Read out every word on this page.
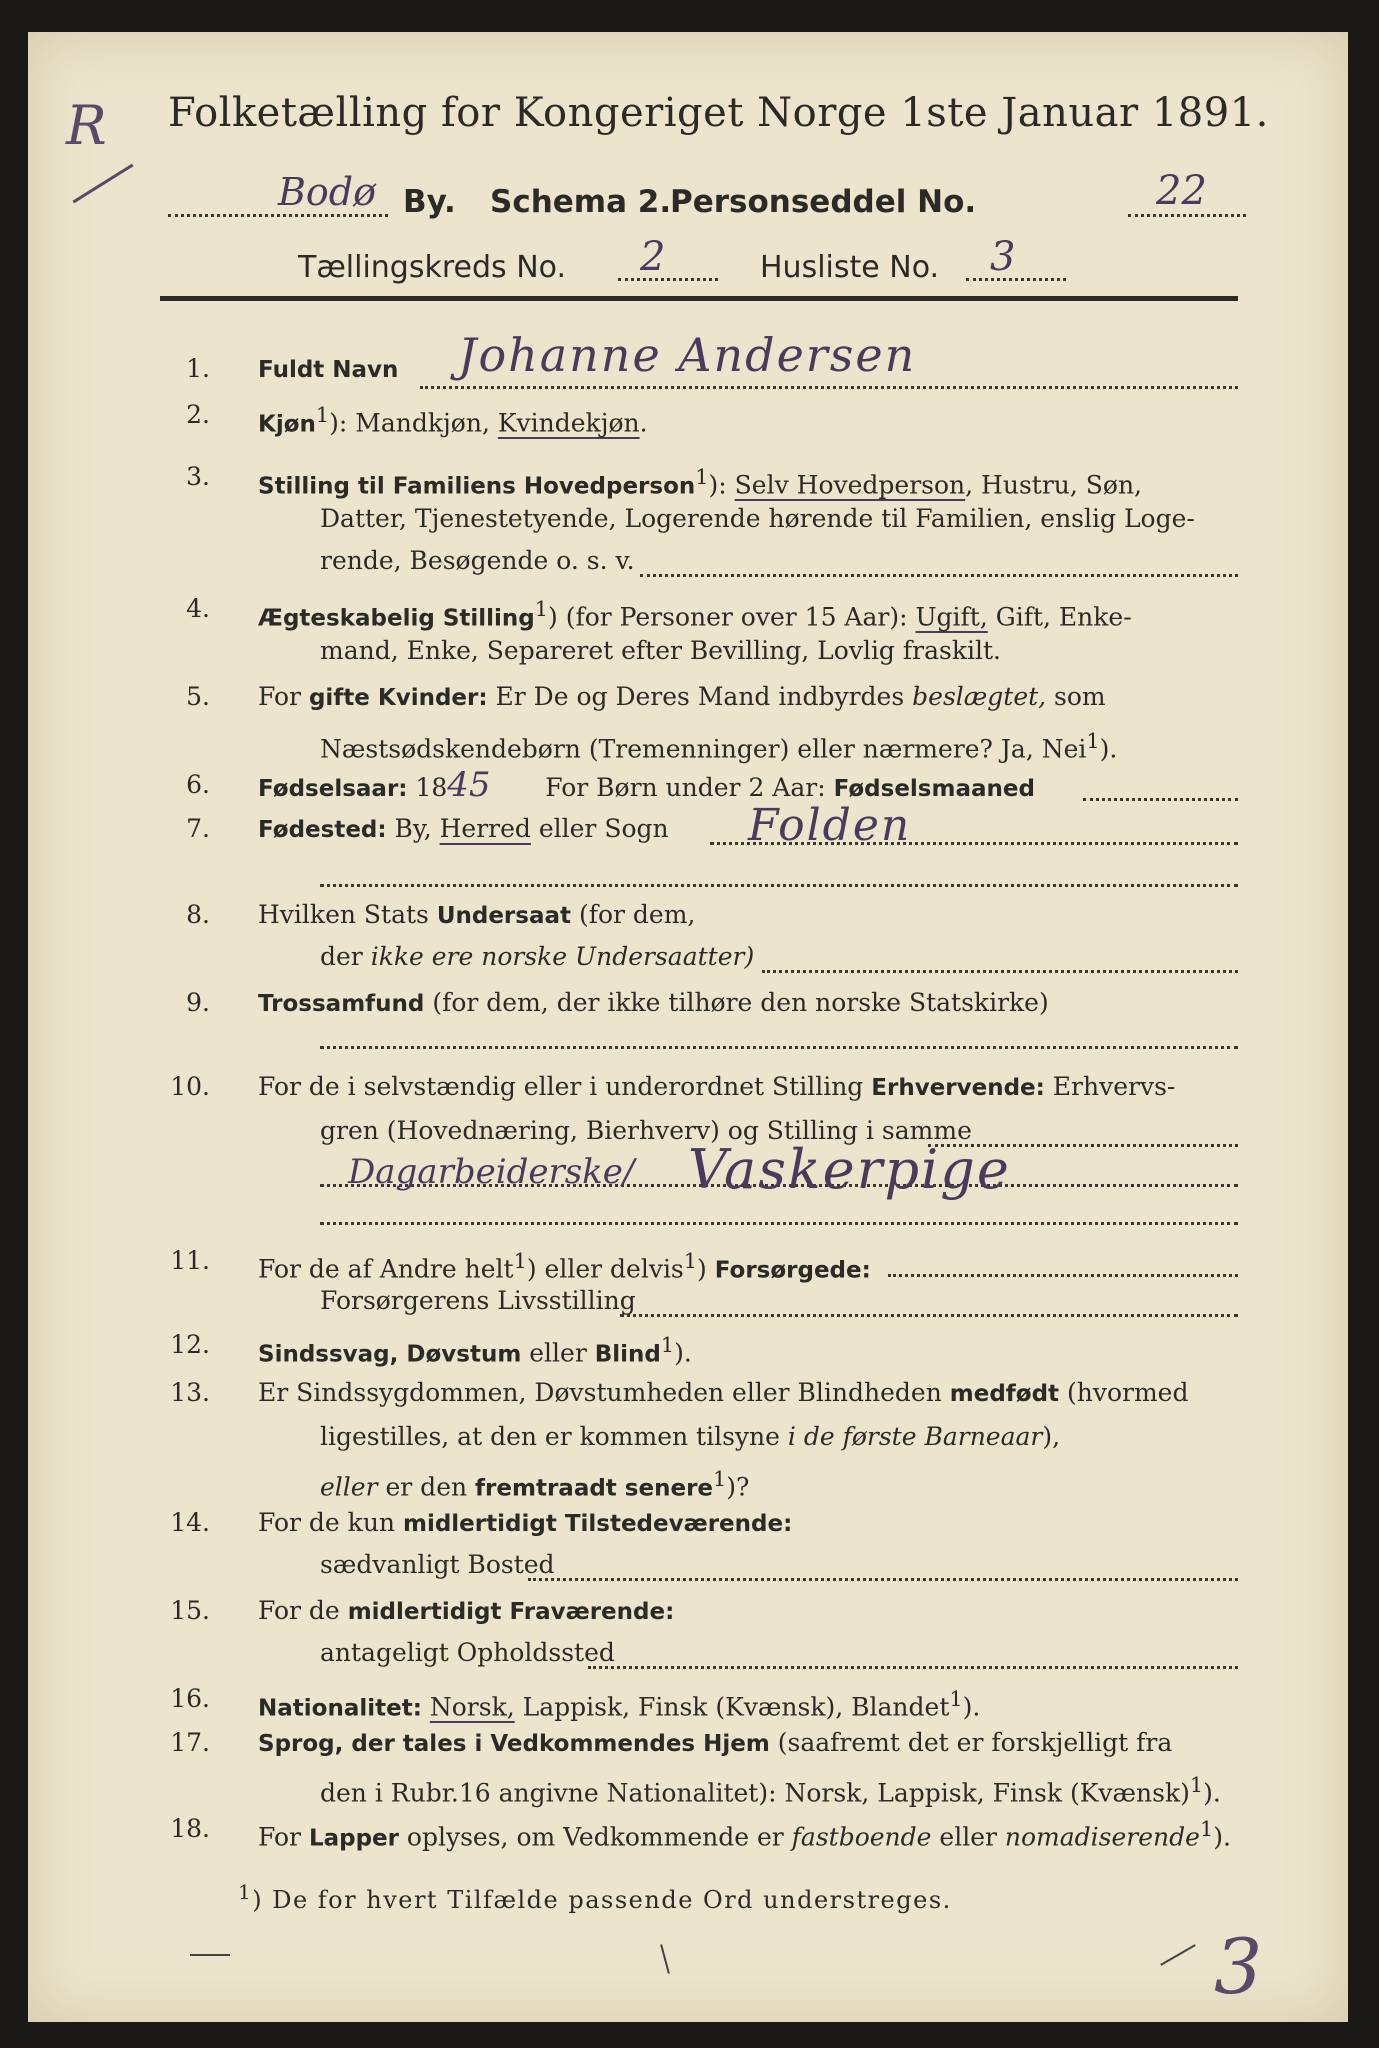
R Folketælling for Kongeriget Norge 1ste Januar 1891.
Bodø By. Schema 2.
Personseddel No.	22
Tællingskreds No. 2	Husliste No. 3
1. Fuldt Navn	Johanne Andersen
2. Kjøn$^1$): Mandkjøn, Kvindekjøn.
3. Stilling til Familiens Hovedperson$^1$): Selv Hovedperson, Hustru, Søn,
Datter, Tjenestetyende, Logerende hørende til Familien, enslig Loge-
rende, Besøgende o. s. v.
4. Ægteskabelig Stilling$^1$) (for Personer over 15 Aar): Ugift, Gift, Enke-
mand, Enke, Separeret efter Bevilling, Lovlig fraskilt.
5. For gifte Kvinder: Er De og Deres Mand indbyrdes beslægtet, som
Næstsødskendebørn (Tremenninger) eller nærmere? Ja, Nei$^1$).
6. Fødselsaar: 1845 For Børn under 2 Aar: Fødselsmaaned
7. Fødested: By, Herred eller Sogn	Folden
8. Hvilken Stats Undersaat (for dem,
der ikke ere norske Undersaatter)
9. Trossamfund (for dem, der ikke tilhøre den norske Statskirke)
10. For de i selvstændig eller i underordnet Stilling Erhvervende: Erhvervs-
gren (Hovednæring, Bierhverv) og Stilling i samme
Dagarbeiderske/ Vaskerpige
11. For de af Andre helt$^1$) eller delvis$^1$) Forsørgede:
Forsørgerens Livsstilling
12. Sindssvag, Døvstum eller Blind$^1$).
13. Er Sindssygdommen, Døvstumheden eller Blindheden medfødt (hvormed
ligestilles, at den er kommen tilsyne i de første Barneaar),
eller er den fremtraadt senere$^1$)?
14. For de kun midlertidigt Tilstedeværende:
sædvanligt Bosted
15. For de midlertidigt Fraværende:
antageligt Opholdssted
16. Nationalitet: Norsk, Lappisk, Finsk (Kvænsk), Blandet$^1$).
17. Sprog, der tales i Vedkommendes Hjem (saafremt det er forskjelligt fra
den i Rubr.16 angivne Nationalitet): Norsk, Lappisk, Finsk (Kvænsk)$^1$).
18. For Lapper oplyses, om Vedkommende er fastboende eller nomadiserende$^1$).
$^1$) De for hvert Tilfælde passende Ord understreges.
3
